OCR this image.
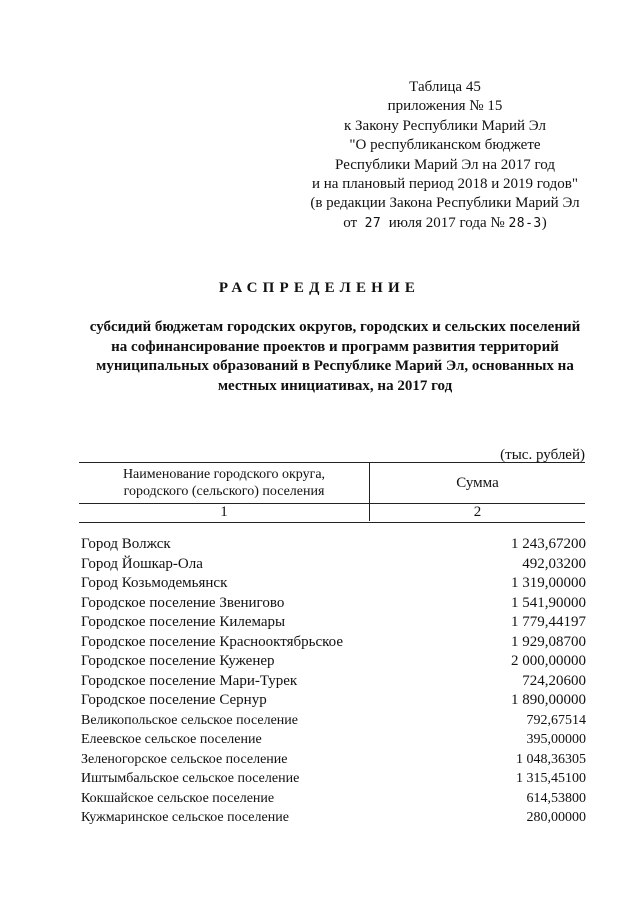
Таблица 45
приложения № 15
к Закону Республики Марий Эл
"О республиканском бюджете
Республики Марий Эл на 2017 год
и на плановый период 2018 и 2019 годов"
(в редакции Закона Республики Марий Эл
от 27 июля 2017 года № 28-З)
РАСПРЕДЕЛЕНИЕ
субсидий бюджетам городских округов, городских и сельских поселений
на софинансирование проектов и программ развития территорий
муниципальных образований в Республике Марий Эл, основанных на
местных инициативах, на 2017 год
(тыс. рублей)
Наименование городского округа,
городского (сельского) поселения
Сумма
1	2
Город Волжск	1 243,67200
Город Йошкар-Ола	492,03200
Город Козьмодемьянск	1 319,00000
Городское поселение Звенигово	1 541,90000
Городское поселение Килемары	1 779,44197
Городское поселение Краснооктябрьское	1 929,08700
Городское поселение Куженер	2 000,00000
Городское поселение Мари-Турек	724,20600
Городское поселение Сернур	1 890,00000
Великопольское сельское поселение	792,67514
Елеевское сельское поселение	395,00000
Зеленогорское сельское поселение	1 048,36305
Иштымбальское сельское поселение	1 315,45100
Кокшайское сельское поселение	614,53800
Кужмаринское сельское поселение	280,00000
